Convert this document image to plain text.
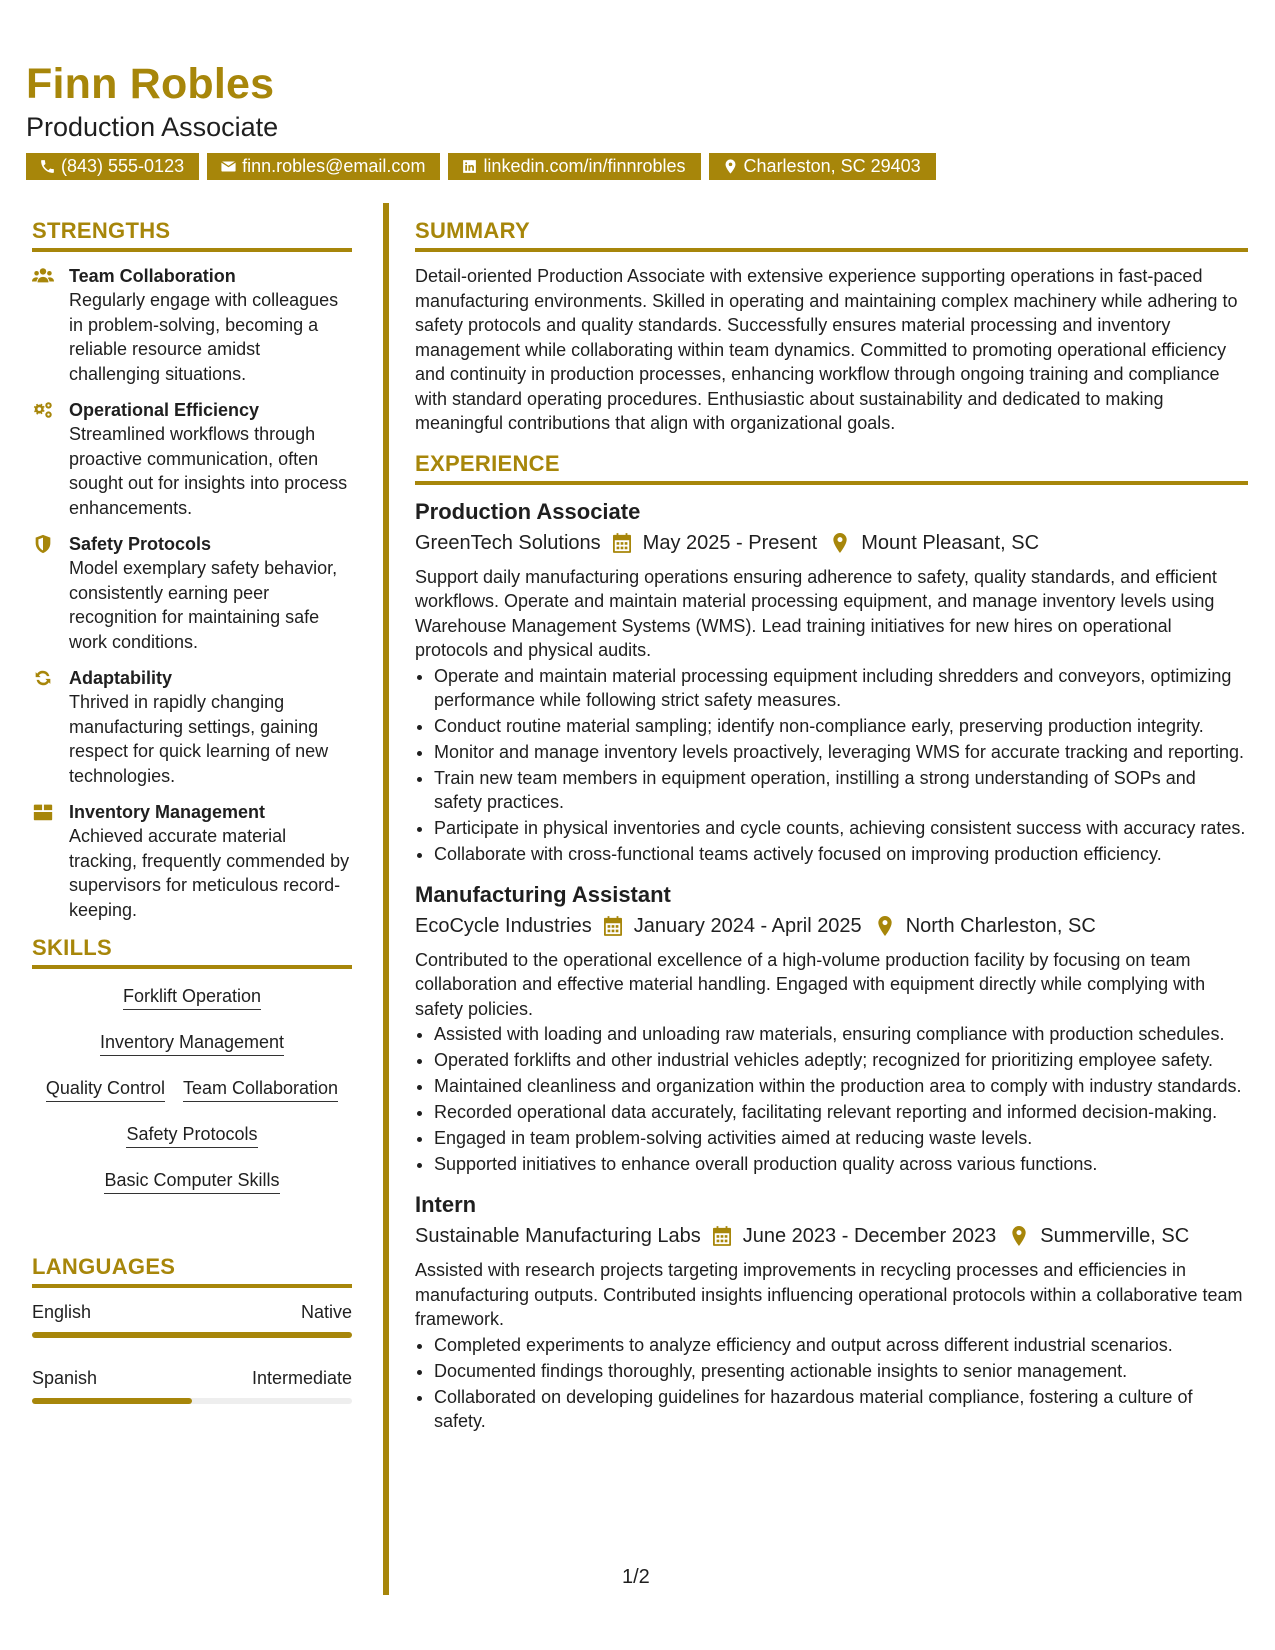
Finn Robles
Production Associate
(843) 555-0123	finn.robles@email.com	linkedin.com/in/finnrobles	Charleston, SC 29403
STRENGTHS
Team Collaboration
Regularly engage with colleagues in problem-solving, becoming a reliable resource amidst challenging situations.
Operational Efficiency
Streamlined workflows through proactive communication, often sought out for insights into process enhancements.
Safety Protocols
Model exemplary safety behavior, consistently earning peer recognition for maintaining safe work conditions.
Adaptability
Thrived in rapidly changing manufacturing settings, gaining respect for quick learning of new technologies.
Inventory Management
Achieved accurate material tracking, frequently commended by supervisors for meticulous record-keeping.
SKILLS
Forklift Operation
Inventory Management
Quality Control Team Collaboration
Safety Protocols
Basic Computer Skills
LANGUAGES
English	Native
Spanish	Intermediate
SUMMARY
Detail-oriented Production Associate with extensive experience supporting operations in fast-paced manufacturing environments. Skilled in operating and maintaining complex machinery while adhering to safety protocols and quality standards. Successfully ensures material processing and inventory management while collaborating within team dynamics. Committed to promoting operational efficiency and continuity in production processes, enhancing workflow through ongoing training and compliance with standard operating procedures. Enthusiastic about sustainability and dedicated to making meaningful contributions that align with organizational goals.
EXPERIENCE
Production Associate
GreenTech Solutions May 2025 - Present Mount Pleasant, SC
Support daily manufacturing operations ensuring adherence to safety, quality standards, and efficient workflows. Operate and maintain material processing equipment, and manage inventory levels using Warehouse Management Systems (WMS). Lead training initiatives for new hires on operational protocols and physical audits.
• Operate and maintain material processing equipment including shredders and conveyors, optimizing performance while following strict safety measures.
• Conduct routine material sampling; identify non-compliance early, preserving production integrity.
• Monitor and manage inventory levels proactively, leveraging WMS for accurate tracking and reporting.
• Train new team members in equipment operation, instilling a strong understanding of SOPs and safety practices.
• Participate in physical inventories and cycle counts, achieving consistent success with accuracy rates.
• Collaborate with cross-functional teams actively focused on improving production efficiency.
Manufacturing Assistant
EcoCycle Industries January 2024 - April 2025 North Charleston, SC
Contributed to the operational excellence of a high-volume production facility by focusing on team collaboration and effective material handling. Engaged with equipment directly while complying with safety policies.
• Assisted with loading and unloading raw materials, ensuring compliance with production schedules.
• Operated forklifts and other industrial vehicles adeptly; recognized for prioritizing employee safety.
• Maintained cleanliness and organization within the production area to comply with industry standards.
• Recorded operational data accurately, facilitating relevant reporting and informed decision-making.
• Engaged in team problem-solving activities aimed at reducing waste levels.
• Supported initiatives to enhance overall production quality across various functions.
Intern
Sustainable Manufacturing Labs June 2023 - December 2023 Summerville, SC
Assisted with research projects targeting improvements in recycling processes and efficiencies in manufacturing outputs. Contributed insights influencing operational protocols within a collaborative team framework.
• Completed experiments to analyze efficiency and output across different industrial scenarios.
• Documented findings thoroughly, presenting actionable insights to senior management.
• Collaborated on developing guidelines for hazardous material compliance, fostering a culture of safety.
1/2
